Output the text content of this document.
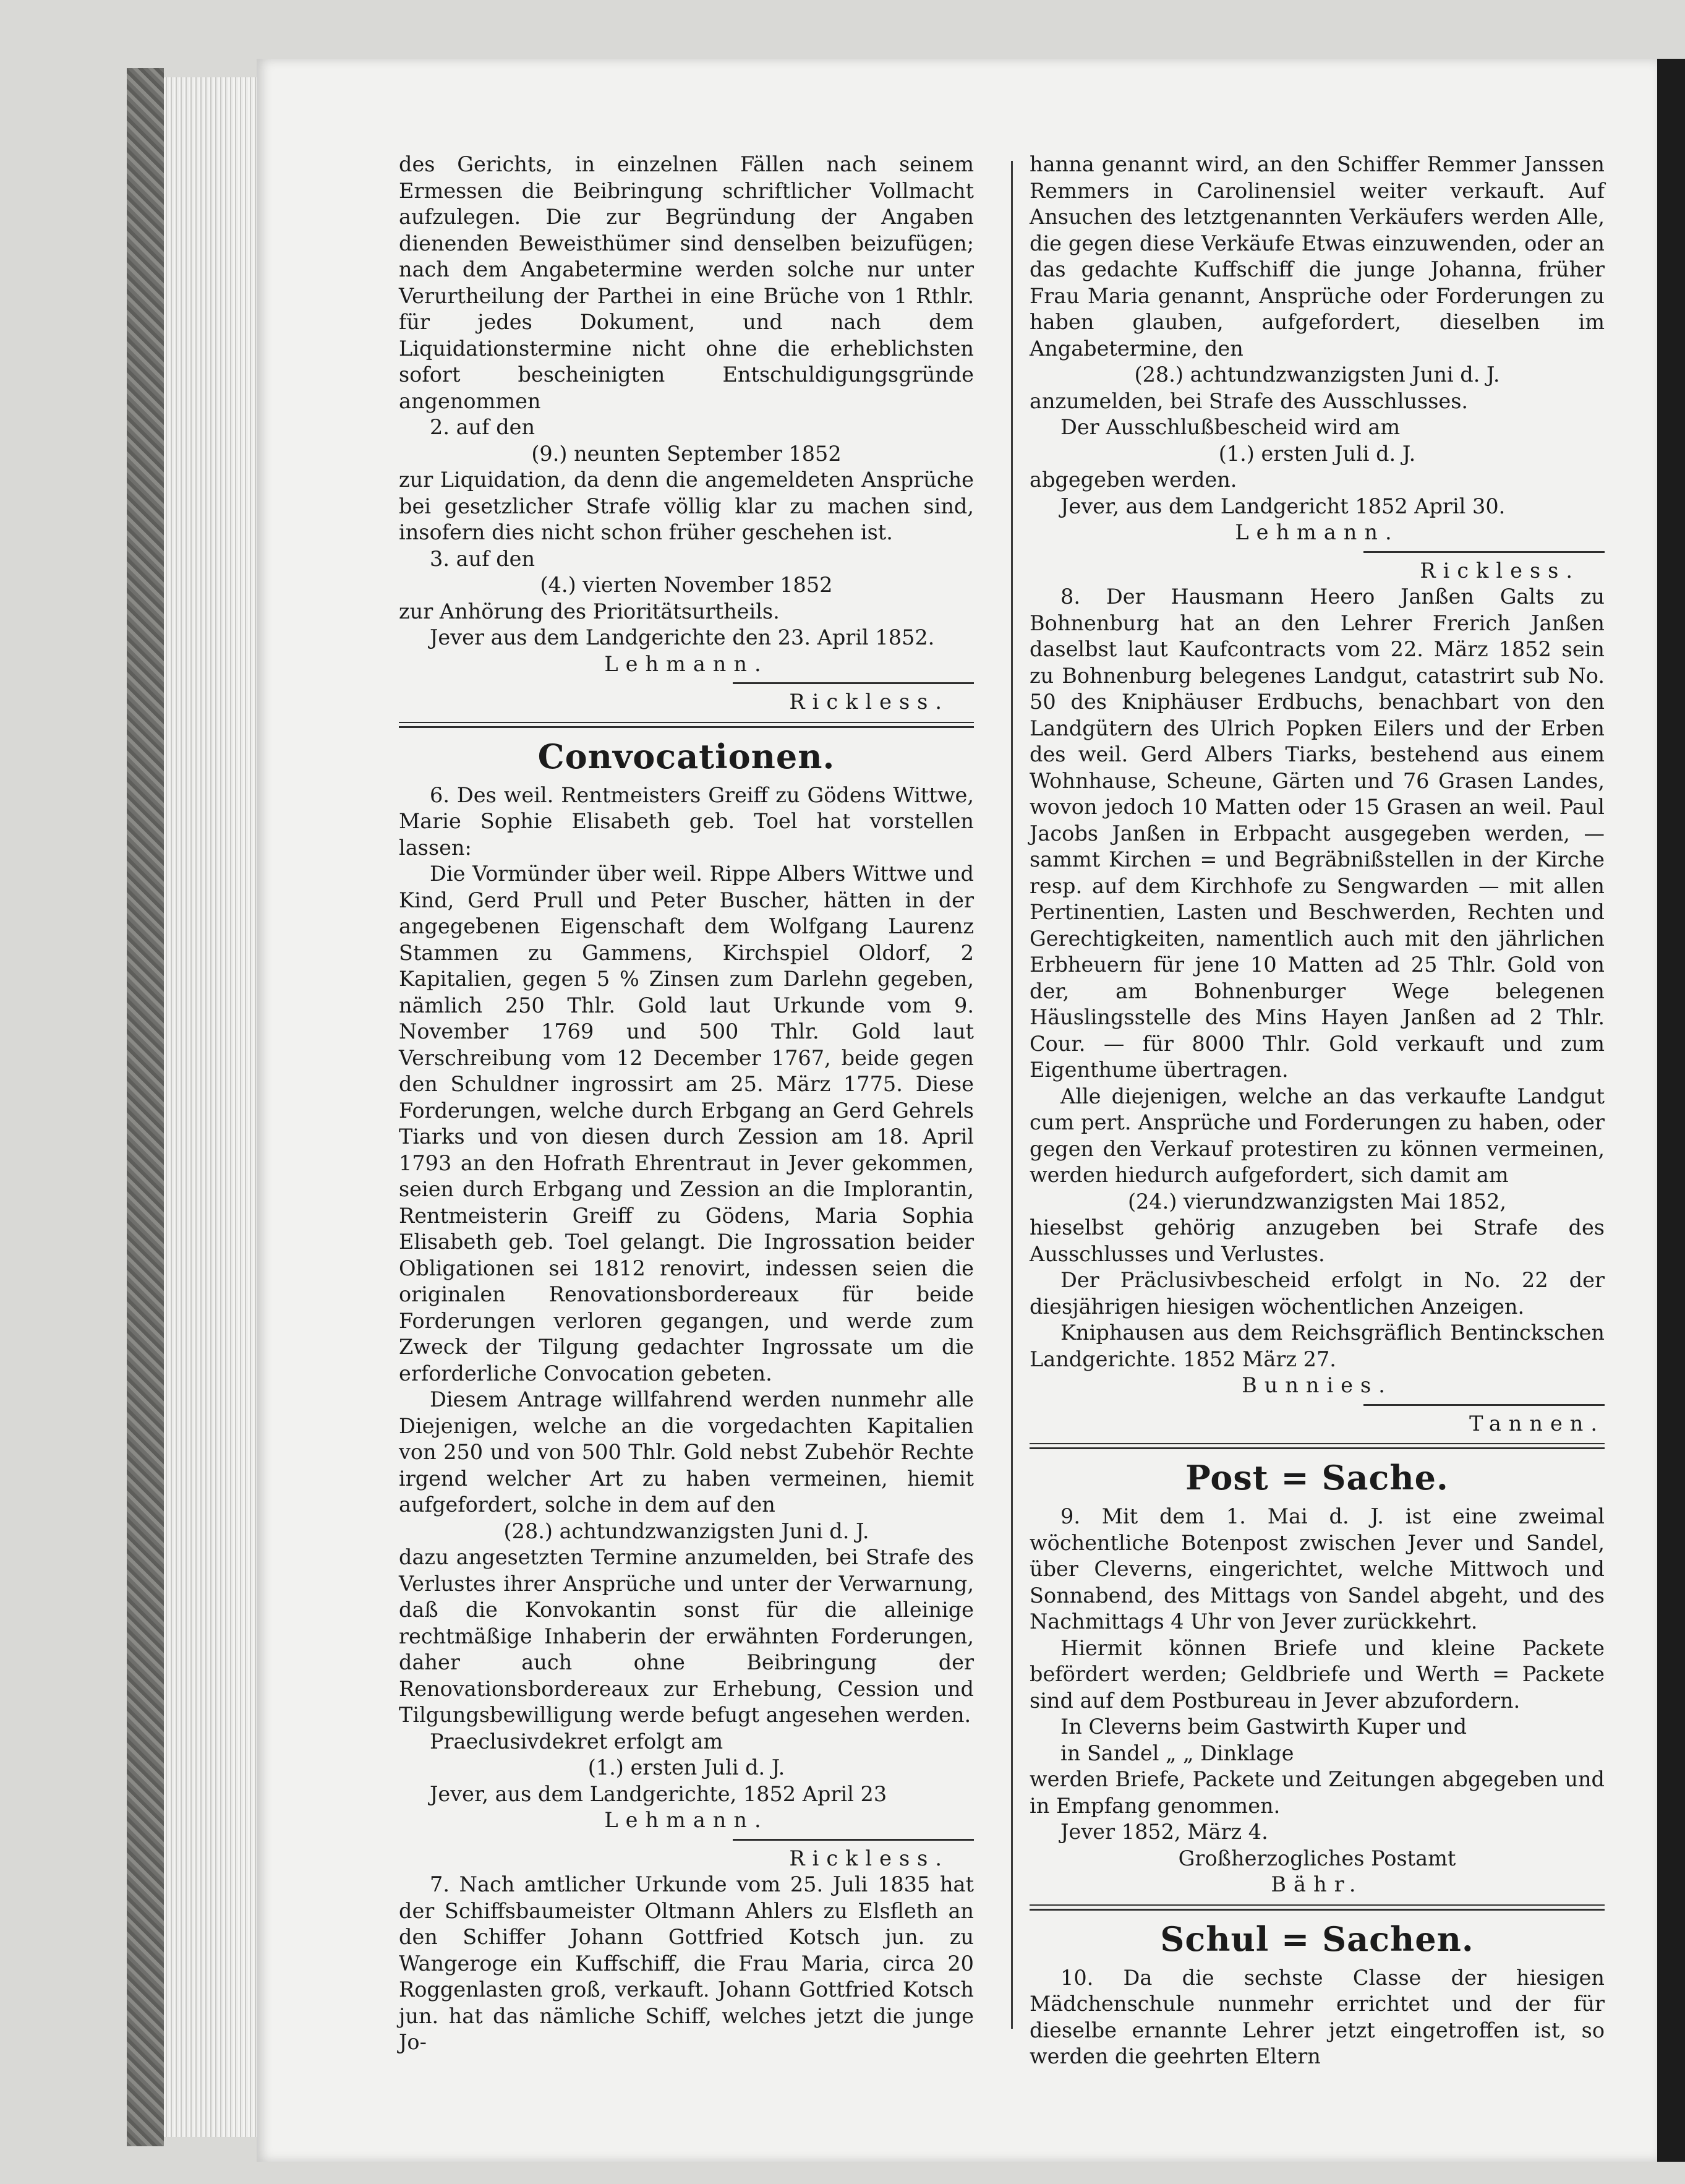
des Gerichts, in einzelnen Fällen nach seinem Ermessen die Beibringung schriftlicher Vollmacht aufzulegen. Die zur Begründung der Angaben dienenden Beweisthümer sind denselben beizufügen; nach dem Angabetermine werden solche nur unter Verurtheilung der Parthei in eine Brüche von 1 Rthlr. für jedes Dokument, und nach dem Liquidationstermine nicht ohne die erheblichsten sofort bescheinigten Entschuldigungsgründe angenommen

2. auf den

(9.) neunten September 1852

zur Liquidation, da denn die angemeldeten Ansprüche bei gesetzlicher Strafe völlig klar zu machen sind, insofern dies nicht schon früher geschehen ist.

3. auf den

(4.) vierten November 1852

zur Anhörung des Prioritätsurtheils.

Jever aus dem Landgerichte den 23. April 1852.

Lehmann.

Rickless.

Convocationen.

6. Des weil. Rentmeisters Greiff zu Gödens Wittwe, Marie Sophie Elisabeth geb. Toel hat vorstellen lassen:

Die Vormünder über weil. Rippe Albers Wittwe und Kind, Gerd Prull und Peter Buscher, hätten in der angegebenen Eigenschaft dem Wolfgang Laurenz Stammen zu Gammens, Kirchspiel Oldorf, 2 Kapitalien, gegen 5 % Zinsen zum Darlehn gegeben, nämlich 250 Thlr. Gold laut Urkunde vom 9. November 1769 und 500 Thlr. Gold laut Verschreibung vom 12 December 1767, beide gegen den Schuldner ingrossirt am 25. März 1775. Diese Forderungen, welche durch Erbgang an Gerd Gehrels Tiarks und von diesen durch Zession am 18. April 1793 an den Hofrath Ehrentraut in Jever gekommen, seien durch Erbgang und Zession an die Implorantin, Rentmeisterin Greiff zu Gödens, Maria Sophia Elisabeth geb. Toel gelangt. Die Ingrossation beider Obligationen sei 1812 renovirt, indessen seien die originalen Renovationsbordereaux für beide Forderungen verloren gegangen, und werde zum Zweck der Tilgung gedachter Ingrossate um die erforderliche Convocation gebeten.

Diesem Antrage willfahrend werden nunmehr alle Diejenigen, welche an die vorgedachten Kapitalien von 250 und von 500 Thlr. Gold nebst Zubehör Rechte irgend welcher Art zu haben vermeinen, hiemit aufgefordert, solche in dem auf den

(28.) achtundzwanzigsten Juni d. J.

dazu angesetzten Termine anzumelden, bei Strafe des Verlustes ihrer Ansprüche und unter der Verwarnung, daß die Konvokantin sonst für die alleinige rechtmäßige Inhaberin der erwähnten Forderungen, daher auch ohne Beibringung der Renovationsbordereaux zur Erhebung, Cession und Tilgungsbewilligung werde befugt angesehen werden.

Praeclusivdekret erfolgt am

(1.) ersten Juli d. J.

Jever, aus dem Landgerichte, 1852 April 23

Lehmann.

Rickless.

7. Nach amtlicher Urkunde vom 25. Juli 1835 hat der Schiffsbaumeister Oltmann Ahlers zu Elsfleth an den Schiffer Johann Gottfried Kotsch jun. zu Wangeroge ein Kuffschiff, die Frau Maria, circa 20 Roggenlasten groß, verkauft. Johann Gottfried Kotsch jun. hat das nämliche Schiff, welches jetzt die junge Jo-

hanna genannt wird, an den Schiffer Remmer Janssen Remmers in Carolinensiel weiter verkauft. Auf Ansuchen des letztgenannten Verkäufers werden Alle, die gegen diese Verkäufe Etwas einzuwenden, oder an das gedachte Kuffschiff die junge Johanna, früher Frau Maria genannt, Ansprüche oder Forderungen zu haben glauben, aufgefordert, dieselben im Angabetermine, den

(28.) achtundzwanzigsten Juni d. J.

anzumelden, bei Strafe des Ausschlusses.

Der Ausschlußbescheid wird am

(1.) ersten Juli d. J.

abgegeben werden.

Jever, aus dem Landgericht 1852 April 30.

Lehmann.

Rickless.

8. Der Hausmann Heero Janßen Galts zu Bohnenburg hat an den Lehrer Frerich Janßen daselbst laut Kaufcontracts vom 22. März 1852 sein zu Bohnenburg belegenes Landgut, catastrirt sub No. 50 des Kniphäuser Erdbuchs, benachbart von den Landgütern des Ulrich Popken Eilers und der Erben des weil. Gerd Albers Tiarks, bestehend aus einem Wohnhause, Scheune, Gärten und 76 Grasen Landes, wovon jedoch 10 Matten oder 15 Grasen an weil. Paul Jacobs Janßen in Erbpacht ausgegeben werden, — sammt Kirchen = und Begräbnißstellen in der Kirche resp. auf dem Kirchhofe zu Sengwarden — mit allen Pertinentien, Lasten und Beschwerden, Rechten und Gerechtigkeiten, namentlich auch mit den jährlichen Erbheuern für jene 10 Matten ad 25 Thlr. Gold von der, am Bohnenburger Wege belegenen Häuslingsstelle des Mins Hayen Janßen ad 2 Thlr. Cour. — für 8000 Thlr. Gold verkauft und zum Eigenthume übertragen.

Alle diejenigen, welche an das verkaufte Landgut cum pert. Ansprüche und Forderungen zu haben, oder gegen den Verkauf protestiren zu können vermeinen, werden hiedurch aufgefordert, sich damit am

(24.) vierundzwanzigsten Mai 1852,

hieselbst gehörig anzugeben bei Strafe des Ausschlusses und Verlustes.

Der Präclusivbescheid erfolgt in No. 22 der diesjährigen hiesigen wöchentlichen Anzeigen.

Kniphausen aus dem Reichsgräflich Bentinckschen Landgerichte. 1852 März 27.

Bunnies.

Tannen.

Post = Sache.

9. Mit dem 1. Mai d. J. ist eine zweimal wöchentliche Botenpost zwischen Jever und Sandel, über Cleverns, eingerichtet, welche Mittwoch und Sonnabend, des Mittags von Sandel abgeht, und des Nachmittags 4 Uhr von Jever zurückkehrt.

Hiermit können Briefe und kleine Packete befördert werden; Geldbriefe und Werth = Packete sind auf dem Postbureau in Jever abzufordern.

In Cleverns beim Gastwirth Kuper und

in Sandel „ „ Dinklage

werden Briefe, Packete und Zeitungen abgegeben und in Empfang genommen.

Jever 1852, März 4.

Großherzogliches Postamt

Bähr.

Schul = Sachen.

10. Da die sechste Classe der hiesigen Mädchenschule nunmehr errichtet und der für dieselbe ernannte Lehrer jetzt eingetroffen ist, so werden die geehrten Eltern
